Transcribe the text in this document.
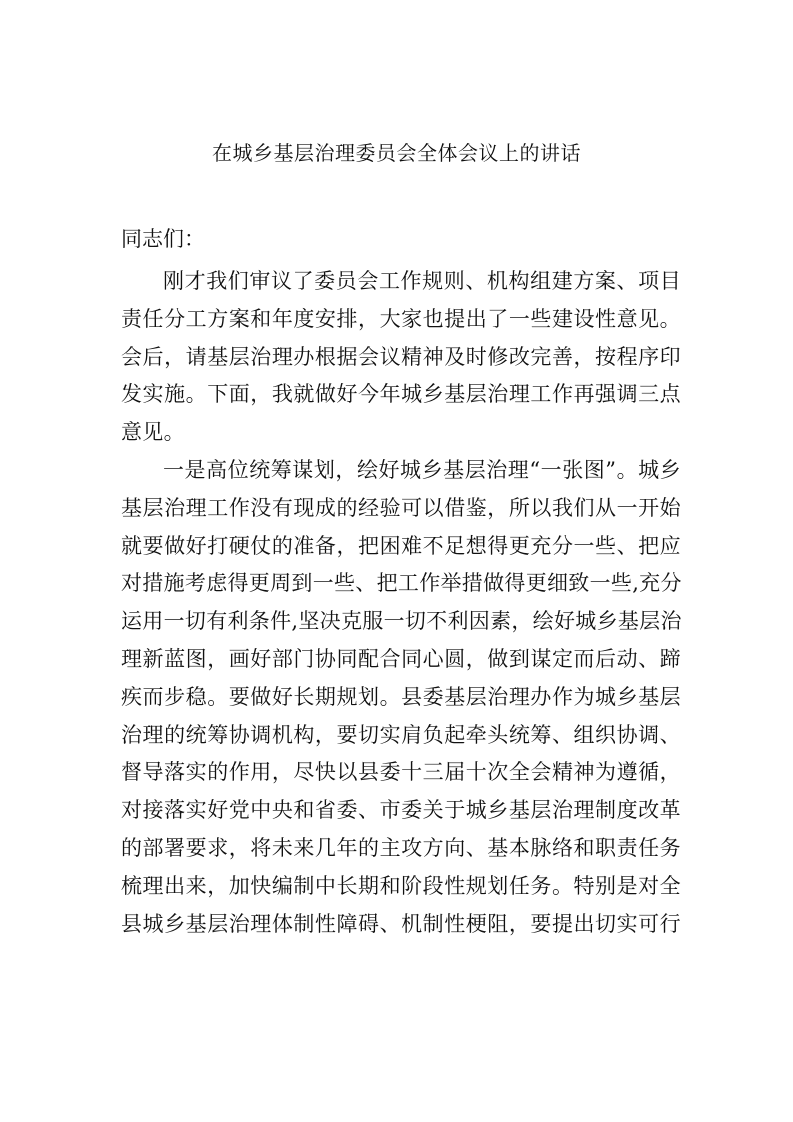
在城乡基层治理委员会全体会议上的讲话

同志们：

刚才我们审议了委员会工作规则、机构组建方案、项目
责任分工方案和年度安排，大家也提出了一些建设性意见。
会后，请基层治理办根据会议精神及时修改完善，按程序印
发实施。下面，我就做好今年城乡基层治理工作再强调三点
意见。
一是高位统筹谋划，绘好城乡基层治理“一张图”。城乡
基层治理工作没有现成的经验可以借鉴，所以我们从一开始
就要做好打硬仗的准备，把困难不足想得更充分一些、把应
对措施考虑得更周到一些、把工作举措做得更细致一些,充分
运用一切有利条件,坚决克服一切不利因素，绘好城乡基层治
理新蓝图，画好部门协同配合同心圆，做到谋定而后动、蹄
疾而步稳。要做好长期规划。县委基层治理办作为城乡基层
治理的统筹协调机构，要切实肩负起牵头统筹、组织协调、
督导落实的作用，尽快以县委十三届十次全会精神为遵循，
对接落实好党中央和省委、市委关于城乡基层治理制度改革
的部署要求，将未来几年的主攻方向、基本脉络和职责任务
梳理出来，加快编制中长期和阶段性规划任务。特别是对全
县城乡基层治理体制性障碍、机制性梗阻，要提出切实可行
